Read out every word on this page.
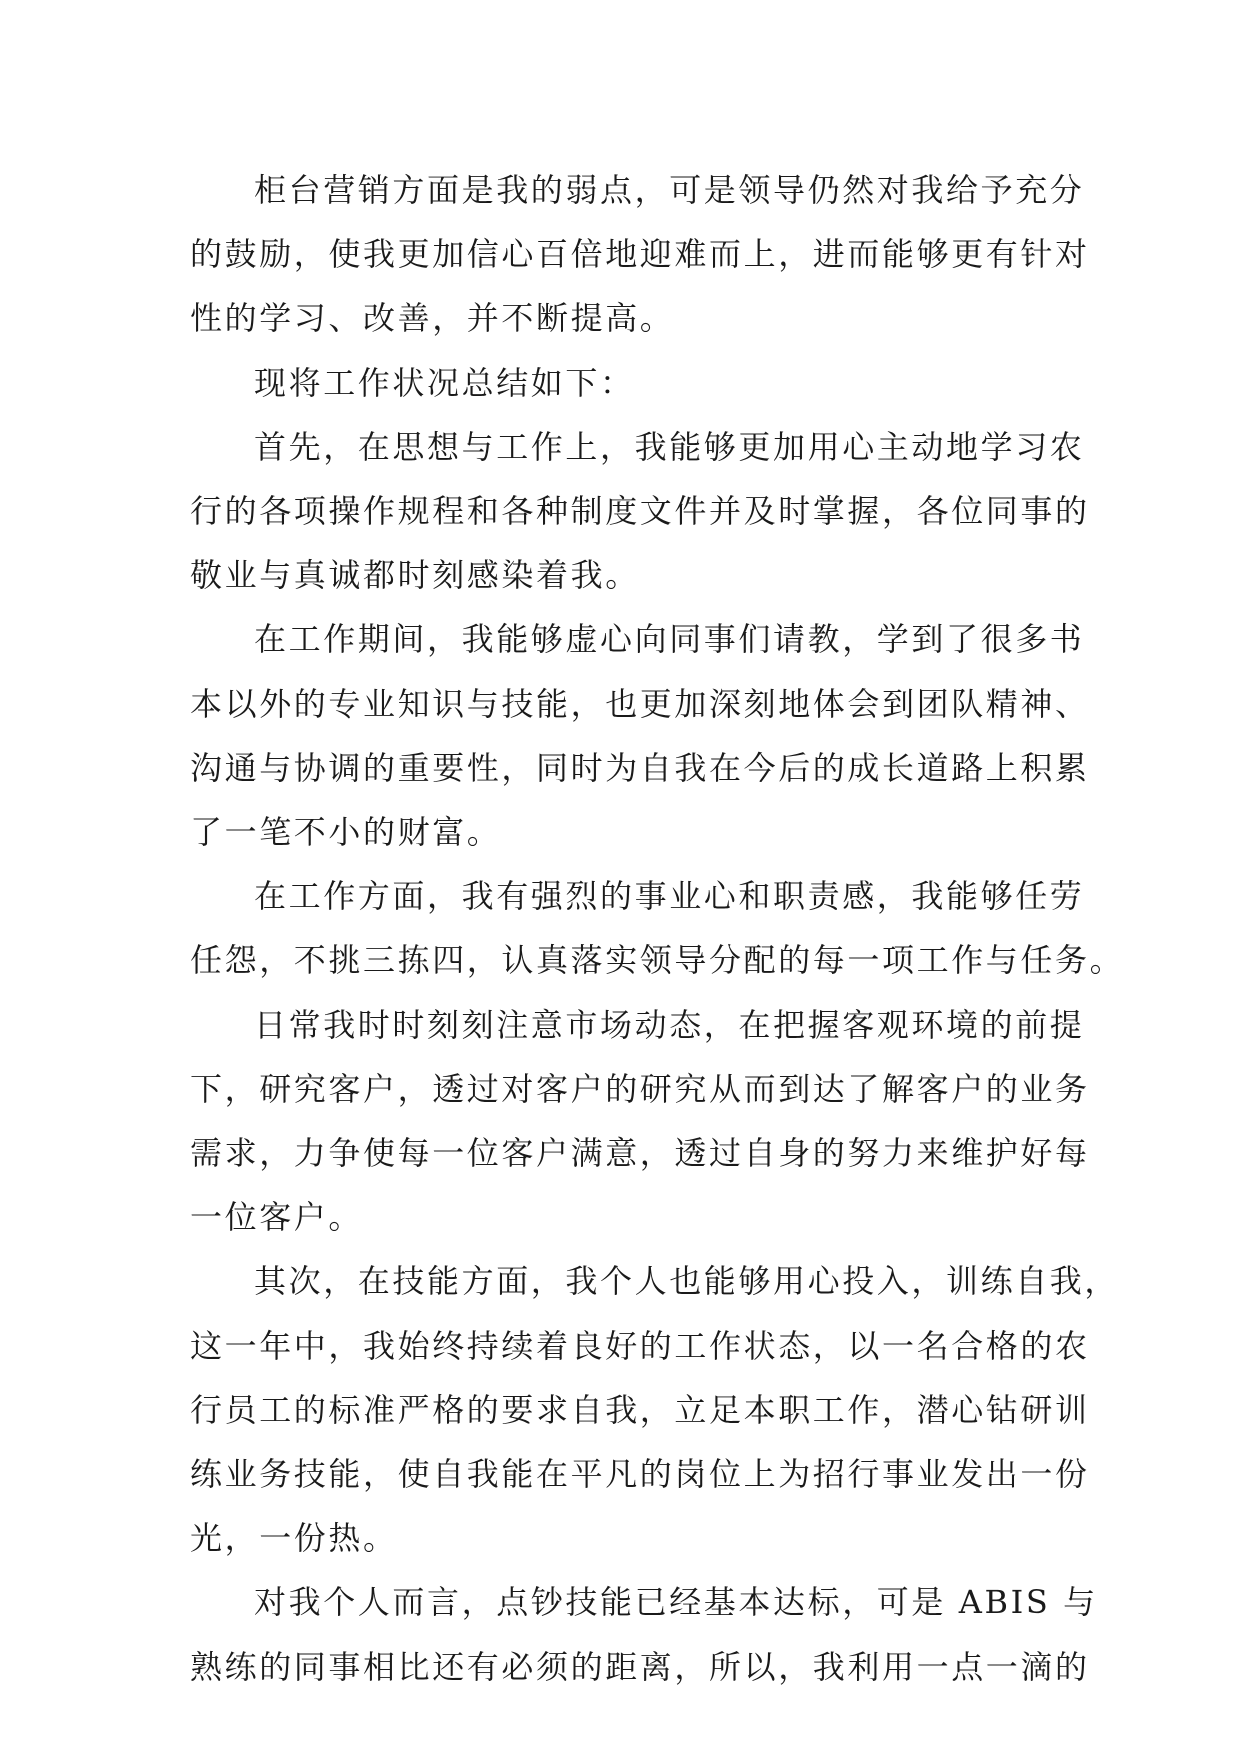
柜台营销方面是我的弱点，可是领导仍然对我给予充分
的鼓励，使我更加信心百倍地迎难而上，进而能够更有针对
性的学习、改善，并不断提高。

现将工作状况总结如下：

首先，在思想与工作上，我能够更加用心主动地学习农
行的各项操作规程和各种制度文件并及时掌握，各位同事的
敬业与真诚都时刻感染着我。

在工作期间，我能够虚心向同事们请教，学到了很多书
本以外的专业知识与技能，也更加深刻地体会到团队精神、
沟通与协调的重要性，同时为自我在今后的成长道路上积累
了一笔不小的财富。

在工作方面，我有强烈的事业心和职责感，我能够任劳
任怨，不挑三拣四，认真落实领导分配的每一项工作与任务。

日常我时时刻刻注意市场动态，在把握客观环境的前提
下，研究客户，透过对客户的研究从而到达了解客户的业务
需求，力争使每一位客户满意，透过自身的努力来维护好每
一位客户。

其次，在技能方面，我个人也能够用心投入，训练自我，
这一年中，我始终持续着良好的工作状态，以一名合格的农
行员工的标准严格的要求自我，立足本职工作，潜心钻研训
练业务技能，使自我能在平凡的岗位上为招行事业发出一份
光，一份热。

对我个人而言，点钞技能已经基本达标，可是 ABIS 与
熟练的同事相比还有必须的距离，所以，我利用一点一滴的
